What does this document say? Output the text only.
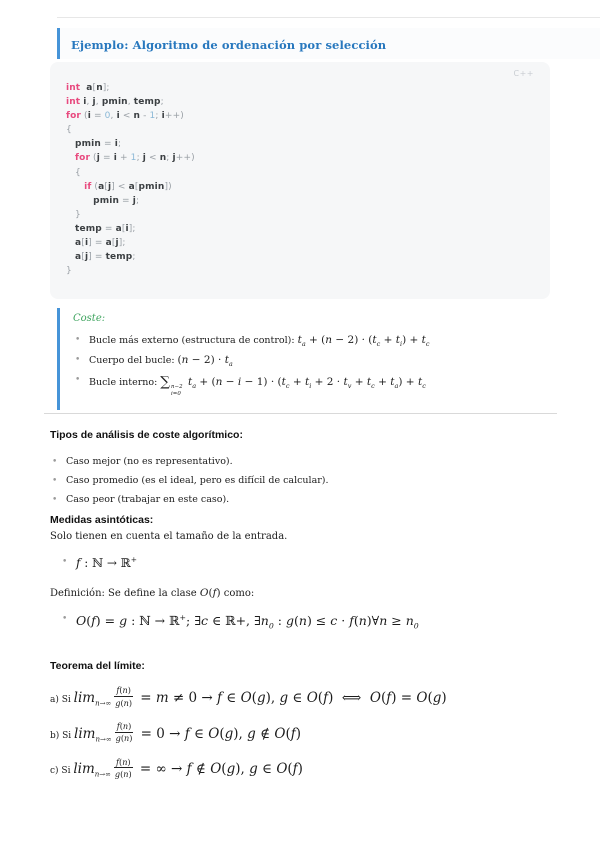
Ejemplo: Algoritmo de ordenación por selección
C++
int a[n];
int i, j, pmin, temp;
for (i = 0, i < n - 1; i++)
{
pmin = i;
for (j = i + 1; j < n; j++)
{
if (a[j] < a[pmin])
pmin = j;
}
temp = a[i];
a[i] = a[j];
a[j] = temp;
}
Coste:
• Bucle más externo (estructura de control): $t_a + (n - 2) \cdot (t_c + t_i) + t_c$
• Cuerpo del bucle: $(n - 2) \cdot t_a$
• Bucle interno: ∑ n−2
i=0
$t_a + (n - i - 1) \cdot (t_c + t_i + 2 \cdot t_v + t_c + t_a) + t_c$
Tipos de análisis de coste algorítmico:
• Caso mejor (no es representativo).
• Caso promedio (es el ideal, pero es difícil de calcular).
• Caso peor (trabajar en este caso).
Medidas asintóticas:

Solo tienen en cuenta el tamaño de la entrada.

• f : ℕ → ℝ+

Definición: Se define la clase O(f) como:

• O(f) = g : ℕ → ℝ+; ∃c ∈ ℝ+, $\exists n_0$ : g(n) ≤ c · f(n)∀n ≥ $n_0$
Teorema del límite:
a) Si $\lim_{n\to\infty} \frac{f(n)}{g(n)} = m \ne 0 \to f$ ∈ O(g), g ∈ O(f)  ⟺  O(f) = O(g)
b) Si $\lim_{n\to\infty} \frac{f(n)}{g(n)} = 0 \to f$ ∈ O(g), g ∉ O(f)
c) Si $\lim_{n\to\infty} \frac{f(n)}{g(n)}$ = ∞ → f ∉ O(g), g ∈ O(f)
